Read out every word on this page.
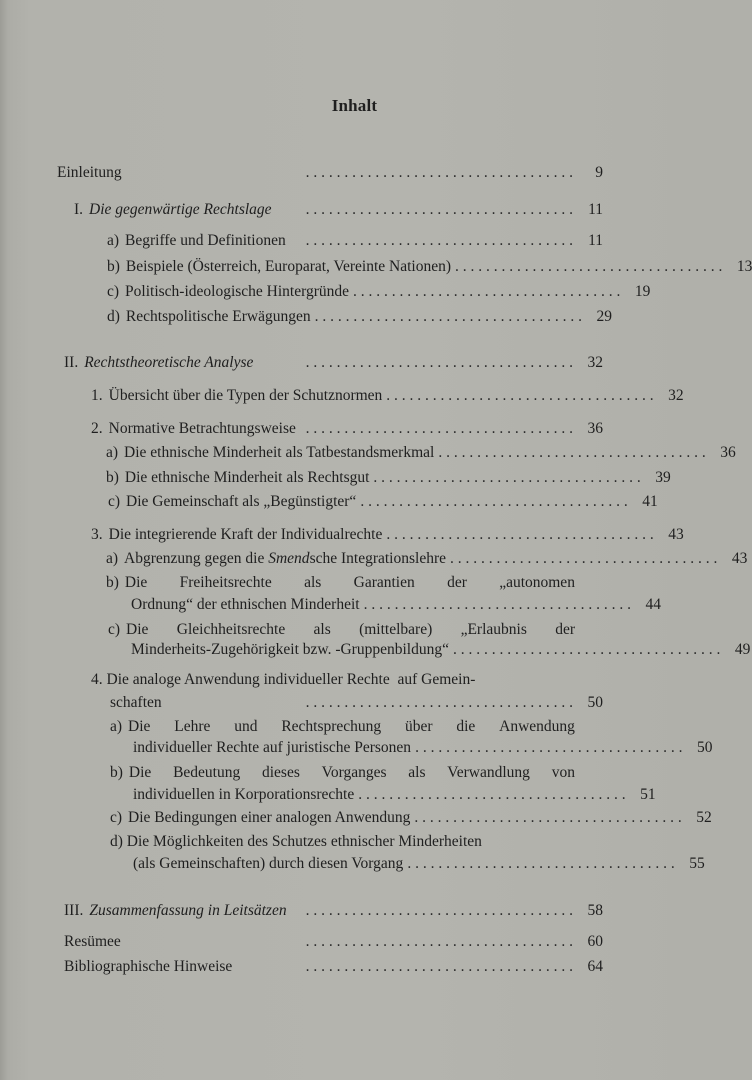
Inhalt
Einleitung	. . . . . . . . . . . . . . . . . . . . . . . . . . . . . . . . . . .	9
I. Die gegenwärtige Rechtslage	. . . . . . . . . . . . . . . . . . . . . . . . . . . . . . . . . . . 11
a) Begriffe und Definitionen	. . . . . . . . . . . . . . . . . . . . . . . . . . . . . . . . . . . 11
b) Beispiele (Österreich, Europarat, Vereinte Nationen) . . . . . . . . . . . . . . . . . . . . . . . . . . . . . . . . . . . 13
c) Politisch-ideologische Hintergründe . . . . . . . . . . . . . . . . . . . . . . . . . . . . . . . . . . . 19
d) Rechtspolitische Erwägungen . . . . . . . . . . . . . . . . . . . . . . . . . . . . . . . . . . . 29
II. Rechtstheoretische Analyse	. . . . . . . . . . . . . . . . . . . . . . . . . . . . . . . . . . . 32
1. Übersicht über die Typen der Schutznormen . . . . . . . . . . . . . . . . . . . . . . . . . . . . . . . . . . . 32
2. Normative Betrachtungsweise . . . . . . . . . . . . . . . . . . . . . . . . . . . . . . . . . . . 36
a) Die ethnische Minderheit als Tatbestandsmerkmal . . . . . . . . . . . . . . . . . . . . . . . . . . . . . . . . . . . 36
b) Die ethnische Minderheit als Rechtsgut . . . . . . . . . . . . . . . . . . . . . . . . . . . . . . . . . . . 39
c) Die Gemeinschaft als „Begünstigter“ . . . . . . . . . . . . . . . . . . . . . . . . . . . . . . . . . . . 41
3. Die integrierende Kraft der Individualrechte . . . . . . . . . . . . . . . . . . . . . . . . . . . . . . . . . . . 43
a) Abgrenzung gegen die Smendsche Integrationslehre . . . . . . . . . . . . . . . . . . . . . . . . . . . . . . . . . . . 43
b) Die Freiheitsrechte als Garantien der „autonomen
Ordnung“ der ethnischen Minderheit . . . . . . . . . . . . . . . . . . . . . . . . . . . . . . . . . . . 44
c) Die Gleichheitsrechte als (mittelbare) „Erlaubnis der
Minderheits-Zugehörigkeit bzw. -Gruppenbildung“ . . . . . . . . . . . . . . . . . . . . . . . . . . . . . . . . . . . 49
4. Die analoge Anwendung individueller Rechte  auf Gemein-
schaften	. . . . . . . . . . . . . . . . . . . . . . . . . . . . . . . . . . . 50
a) Die Lehre und Rechtsprechung über die Anwendung
individueller Rechte auf juristische Personen . . . . . . . . . . . . . . . . . . . . . . . . . . . . . . . . . . . 50
b) Die Bedeutung dieses Vorganges als Verwandlung von
individuellen in Korporationsrechte . . . . . . . . . . . . . . . . . . . . . . . . . . . . . . . . . . . 51
c) Die Bedingungen einer analogen Anwendung . . . . . . . . . . . . . . . . . . . . . . . . . . . . . . . . . . . 52
d) Die Möglichkeiten des Schutzes ethnischer Minderheiten
(als Gemeinschaften) durch diesen Vorgang . . . . . . . . . . . . . . . . . . . . . . . . . . . . . . . . . . . 55
III. Zusammenfassung in Leitsätzen	. . . . . . . . . . . . . . . . . . . . . . . . . . . . . . . . . . . 58
Resümee	. . . . . . . . . . . . . . . . . . . . . . . . . . . . . . . . . . . 60
Bibliographische Hinweise	. . . . . . . . . . . . . . . . . . . . . . . . . . . . . . . . . . . 64
